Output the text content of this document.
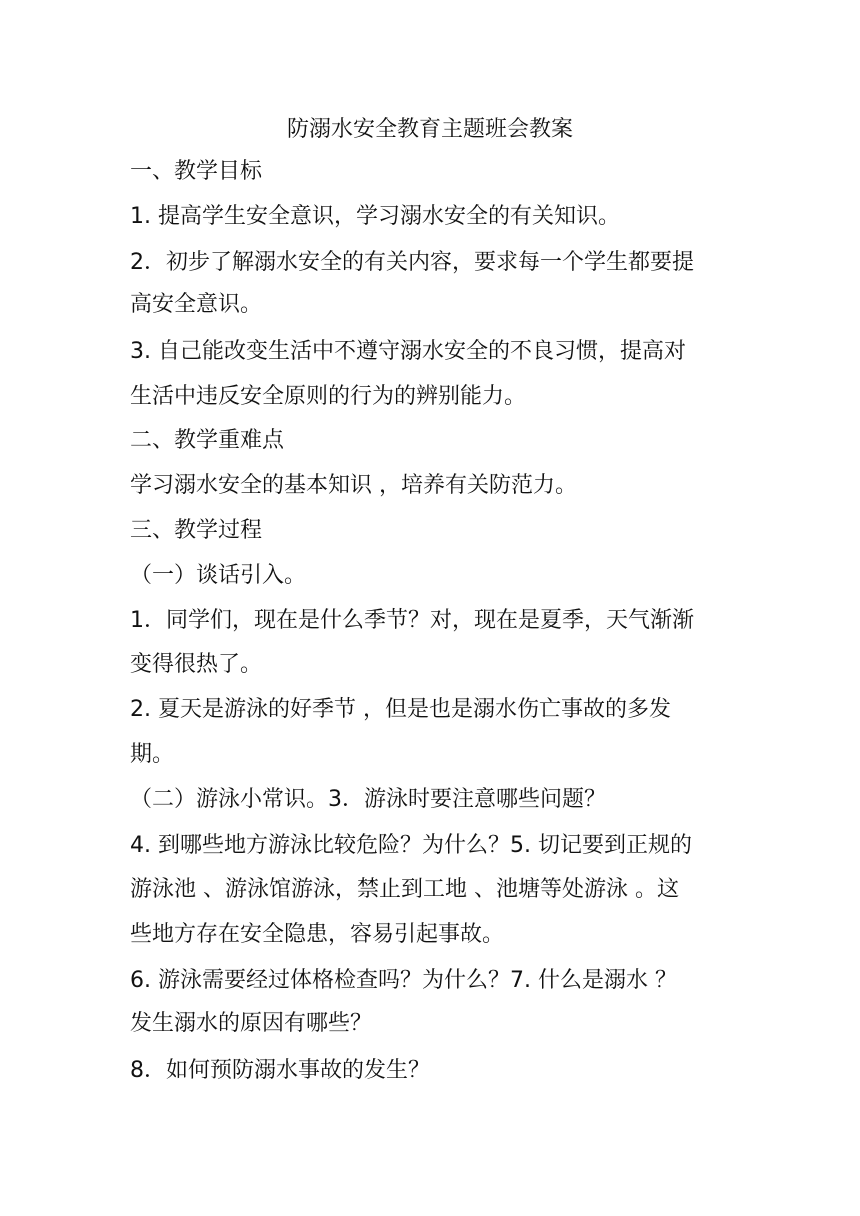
防溺水安全教育主题班会教案
一、教学目标
1. 提高学生安全意识，学习溺水安全的有关知识。
2．初步了解溺水安全的有关内容，要求每一个学生都要提
高安全意识。
3. 自己能改变生活中不遵守溺水安全的不良习惯，提高对
生活中违反安全原则的行为的辨别能力。
二、教学重难点
学习溺水安全的基本知识 ，培养有关防范力。
三、教学过程
（一）谈话引入。
1．同学们，现在是什么季节？对，现在是夏季，天气渐渐
变得很热了。
2. 夏天是游泳的好季节 ，但是也是溺水伤亡事故的多发
期。
（二）游泳小常识。3．游泳时要注意哪些问题？
4. 到哪些地方游泳比较危险？为什么？5. 切记要到正规的
游泳池 、游泳馆游泳，禁止到工地 、池塘等处游泳 。这
些地方存在安全隐患，容易引起事故。
6. 游泳需要经过体格检查吗？为什么？7. 什么是溺水 ？
发生溺水的原因有哪些？
8．如何预防溺水事故的发生？
